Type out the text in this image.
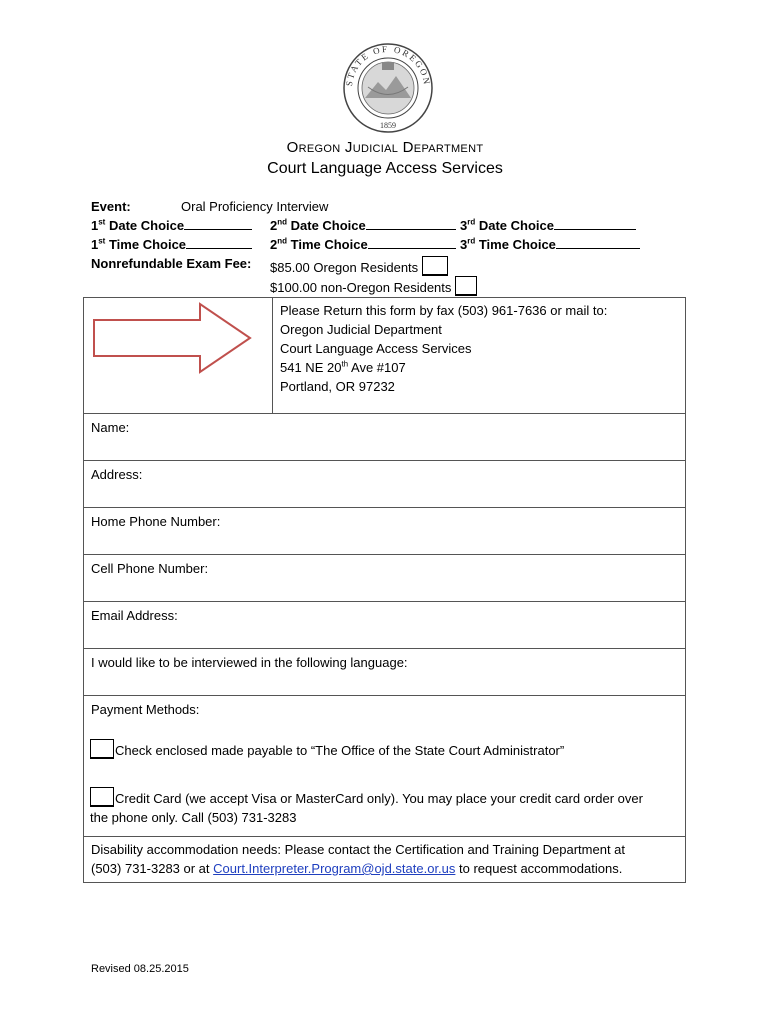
STATE OF OREGON
1859
Oregon Judicial Department
Court Language Access Services
Event:	Oral Proficiency Interview
1st Date Choice	2nd Date Choice	3rd Date Choice
1st Time Choice	2nd Time Choice	3rd Time Choice
Nonrefundable Exam Fee: $85.00 Oregon Residents
$100.00 non-Oregon Residents
Please Return this form by fax (503) 961-7636 or mail to:
Oregon Judicial Department
Court Language Access Services
541 NE 20th Ave #107
Portland, OR 97232
Name:
Address:
Home Phone Number:
Cell Phone Number:
Email Address:
I would like to be interviewed in the following language:
Payment Methods:
Check enclosed made payable to “The Office of the State Court Administrator”
Credit Card (we accept Visa or MasterCard only). You may place your credit card order over
the phone only. Call (503) 731-3283
Disability accommodation needs: Please contact the Certification and Training Department at
(503) 731-3283 or at Court.Interpreter.Program@ojd.state.or.us to request accommodations.
Revised 08.25.2015
